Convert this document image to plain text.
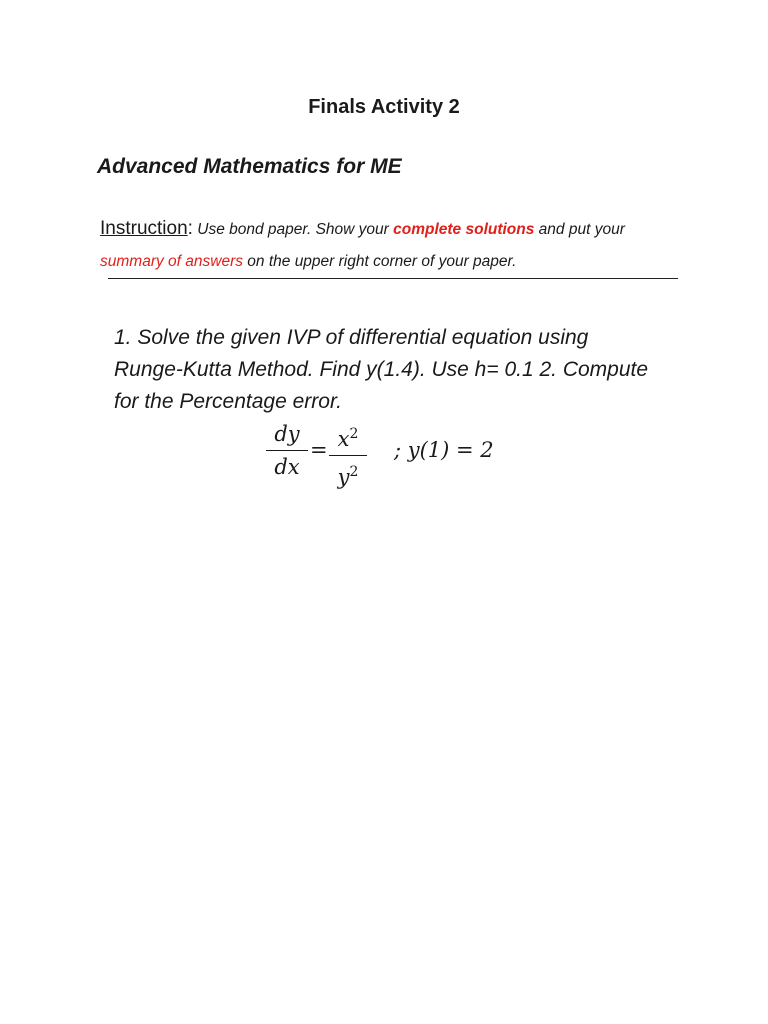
Finals Activity 2
Advanced Mathematics for ME
Instruction: Use bond paper. Show your complete solutions and put your summary of answers on the upper right corner of your paper.
1. Solve the given IVP of differential equation using Runge-Kutta Method. Find y(1.4). Use h= 0.1 2. Compute for the Percentage error.
dy
dx
= $x^2$
$y^2$
; y(1) = 2
